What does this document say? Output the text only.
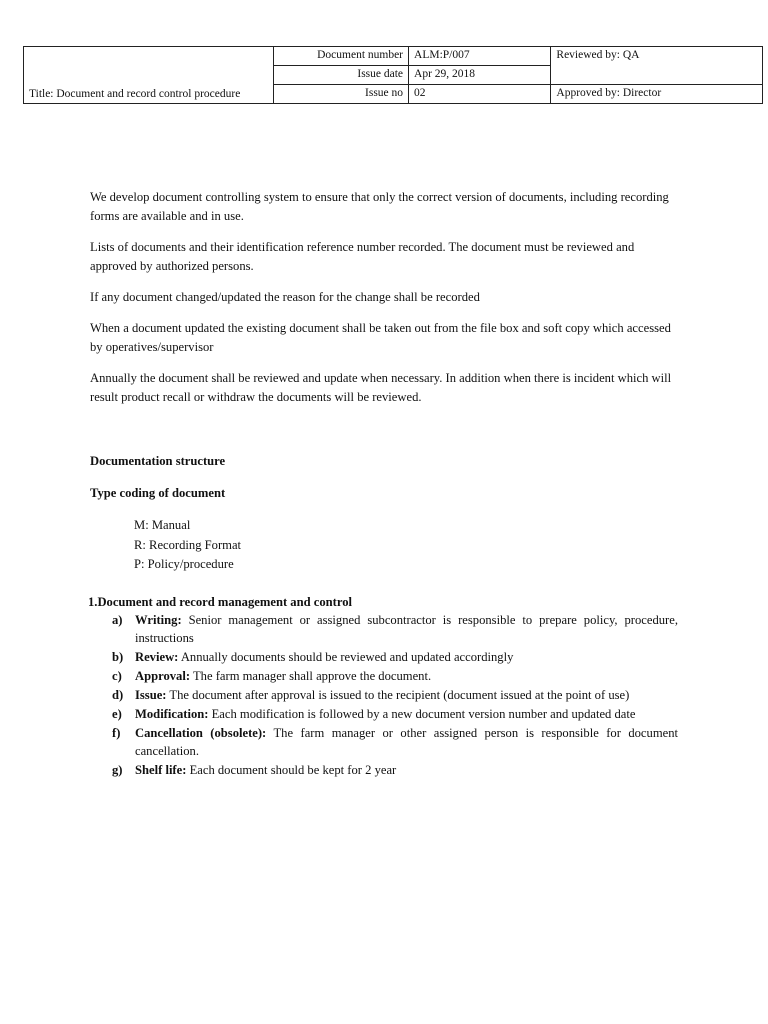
	Document number	ALM:P/007	Reviewed by: QA
	Issue date	Apr 29, 2018	
Title: Document and record control procedure	Issue no	02	Approved by: Director

We develop document controlling system to ensure that only the correct version of documents, including recording forms are available and in use.

Lists of documents and their identification reference number recorded. The document must be reviewed and approved by authorized persons.

If any document changed/updated the reason for the change shall be recorded

When a document updated the existing document shall be taken out from the file box and soft copy which accessed by operatives/supervisor

Annually the document shall be reviewed and update when necessary. In addition when there is incident which will result product recall or withdraw the documents will be reviewed.

Documentation structure

Type coding of document

M: Manual
R: Recording Format
P: Policy/procedure

1.Document and record management and control

a) Writing: Senior management or assigned subcontractor is responsible to prepare policy, procedure, instructions
b) Review: Annually documents should be reviewed and updated accordingly
c) Approval: The farm manager shall approve the document.
d) Issue: The document after approval is issued to the recipient (document issued at the point of use)
e) Modification: Each modification is followed by a new document version number and updated date
f) Cancellation (obsolete): The farm manager or other assigned person is responsible for document cancellation.
g) Shelf life: Each document should be kept for 2 year
